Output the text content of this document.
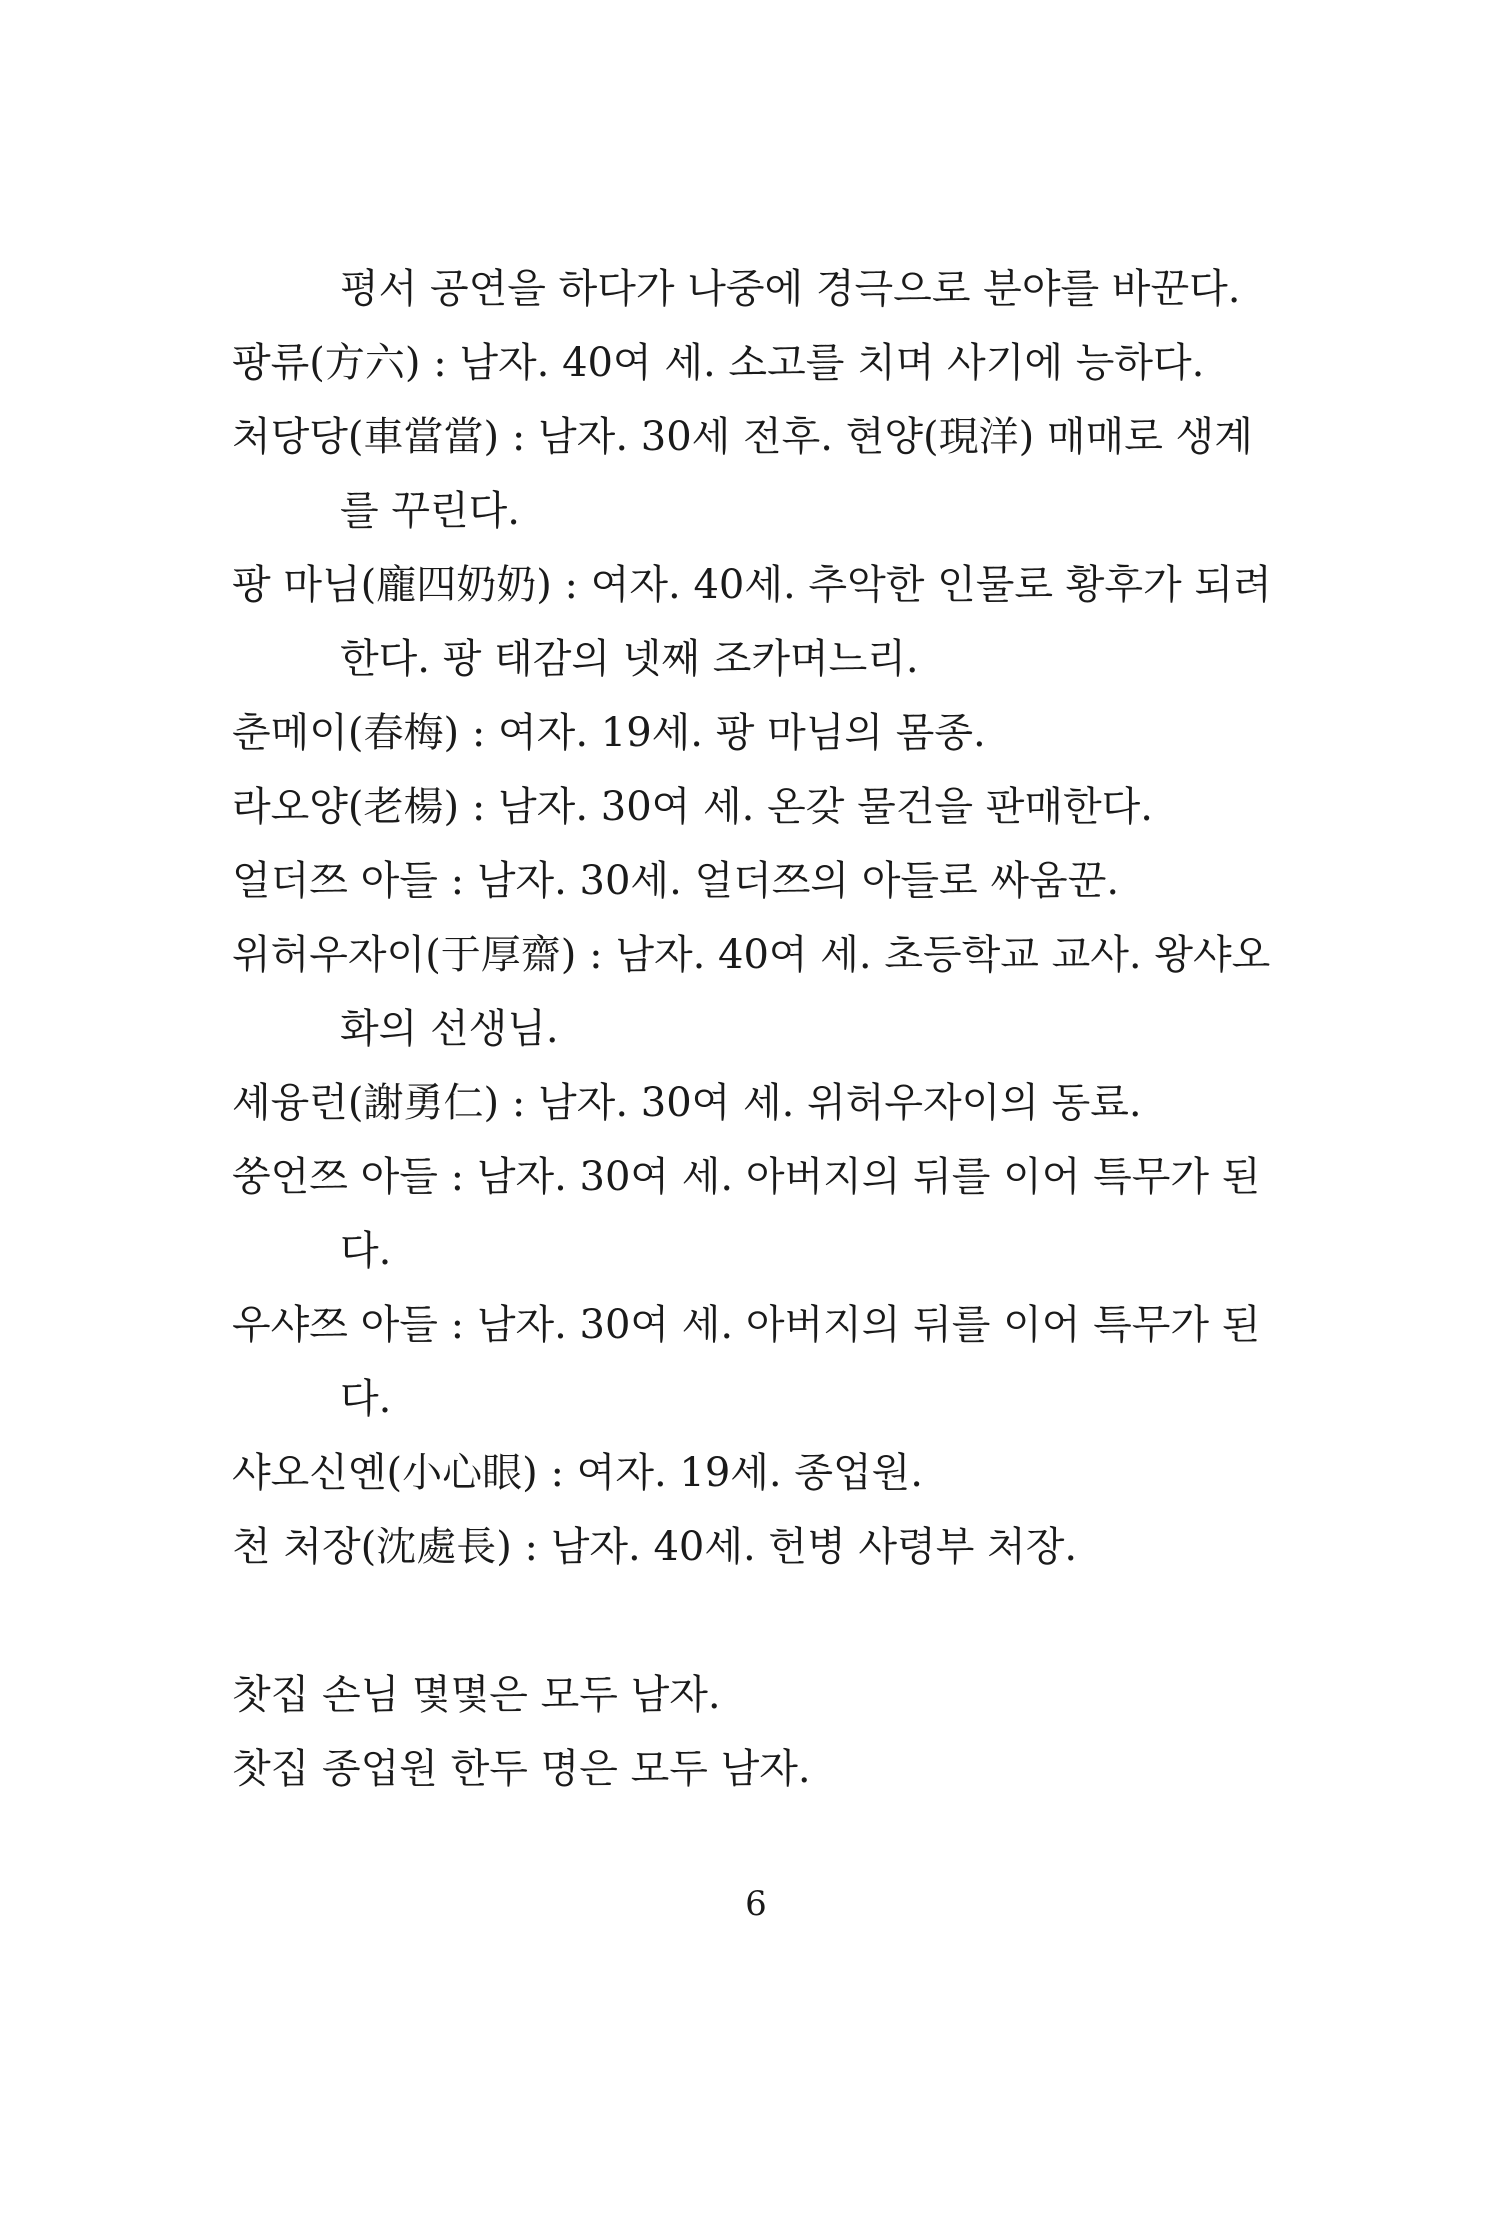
평서 공연을 하다가 나중에 경극으로 분야를 바꾼다.
팡류(方六) : 남자. 40여 세. 소고를 치며 사기에 능하다.
처당당(車當當) : 남자. 30세 전후. 현양(現洋) 매매로 생계
를 꾸린다.
팡 마님(龐四奶奶) : 여자. 40세. 추악한 인물로 황후가 되려
한다. 팡 태감의 넷째 조카며느리.
춘메이(春梅) : 여자. 19세. 팡 마님의 몸종.
라오양(老楊) : 남자. 30여 세. 온갖 물건을 판매한다.
얼더쯔 아들 : 남자. 30세. 얼더쯔의 아들로 싸움꾼.
위허우자이(于厚齋) : 남자. 40여 세. 초등학교 교사. 왕샤오
화의 선생님.
셰융런(謝勇仁) : 남자. 30여 세. 위허우자이의 동료.
쑹언쯔 아들 : 남자. 30여 세. 아버지의 뒤를 이어 특무가 된
다.
우샤쯔 아들 : 남자. 30여 세. 아버지의 뒤를 이어 특무가 된
다.
샤오신옌(小心眼) : 여자. 19세. 종업원.
천 처장(沈處長) : 남자. 40세. 헌병 사령부 처장.
찻집 손님 몇몇은 모두 남자.
찻집 종업원 한두 명은 모두 남자.
6
